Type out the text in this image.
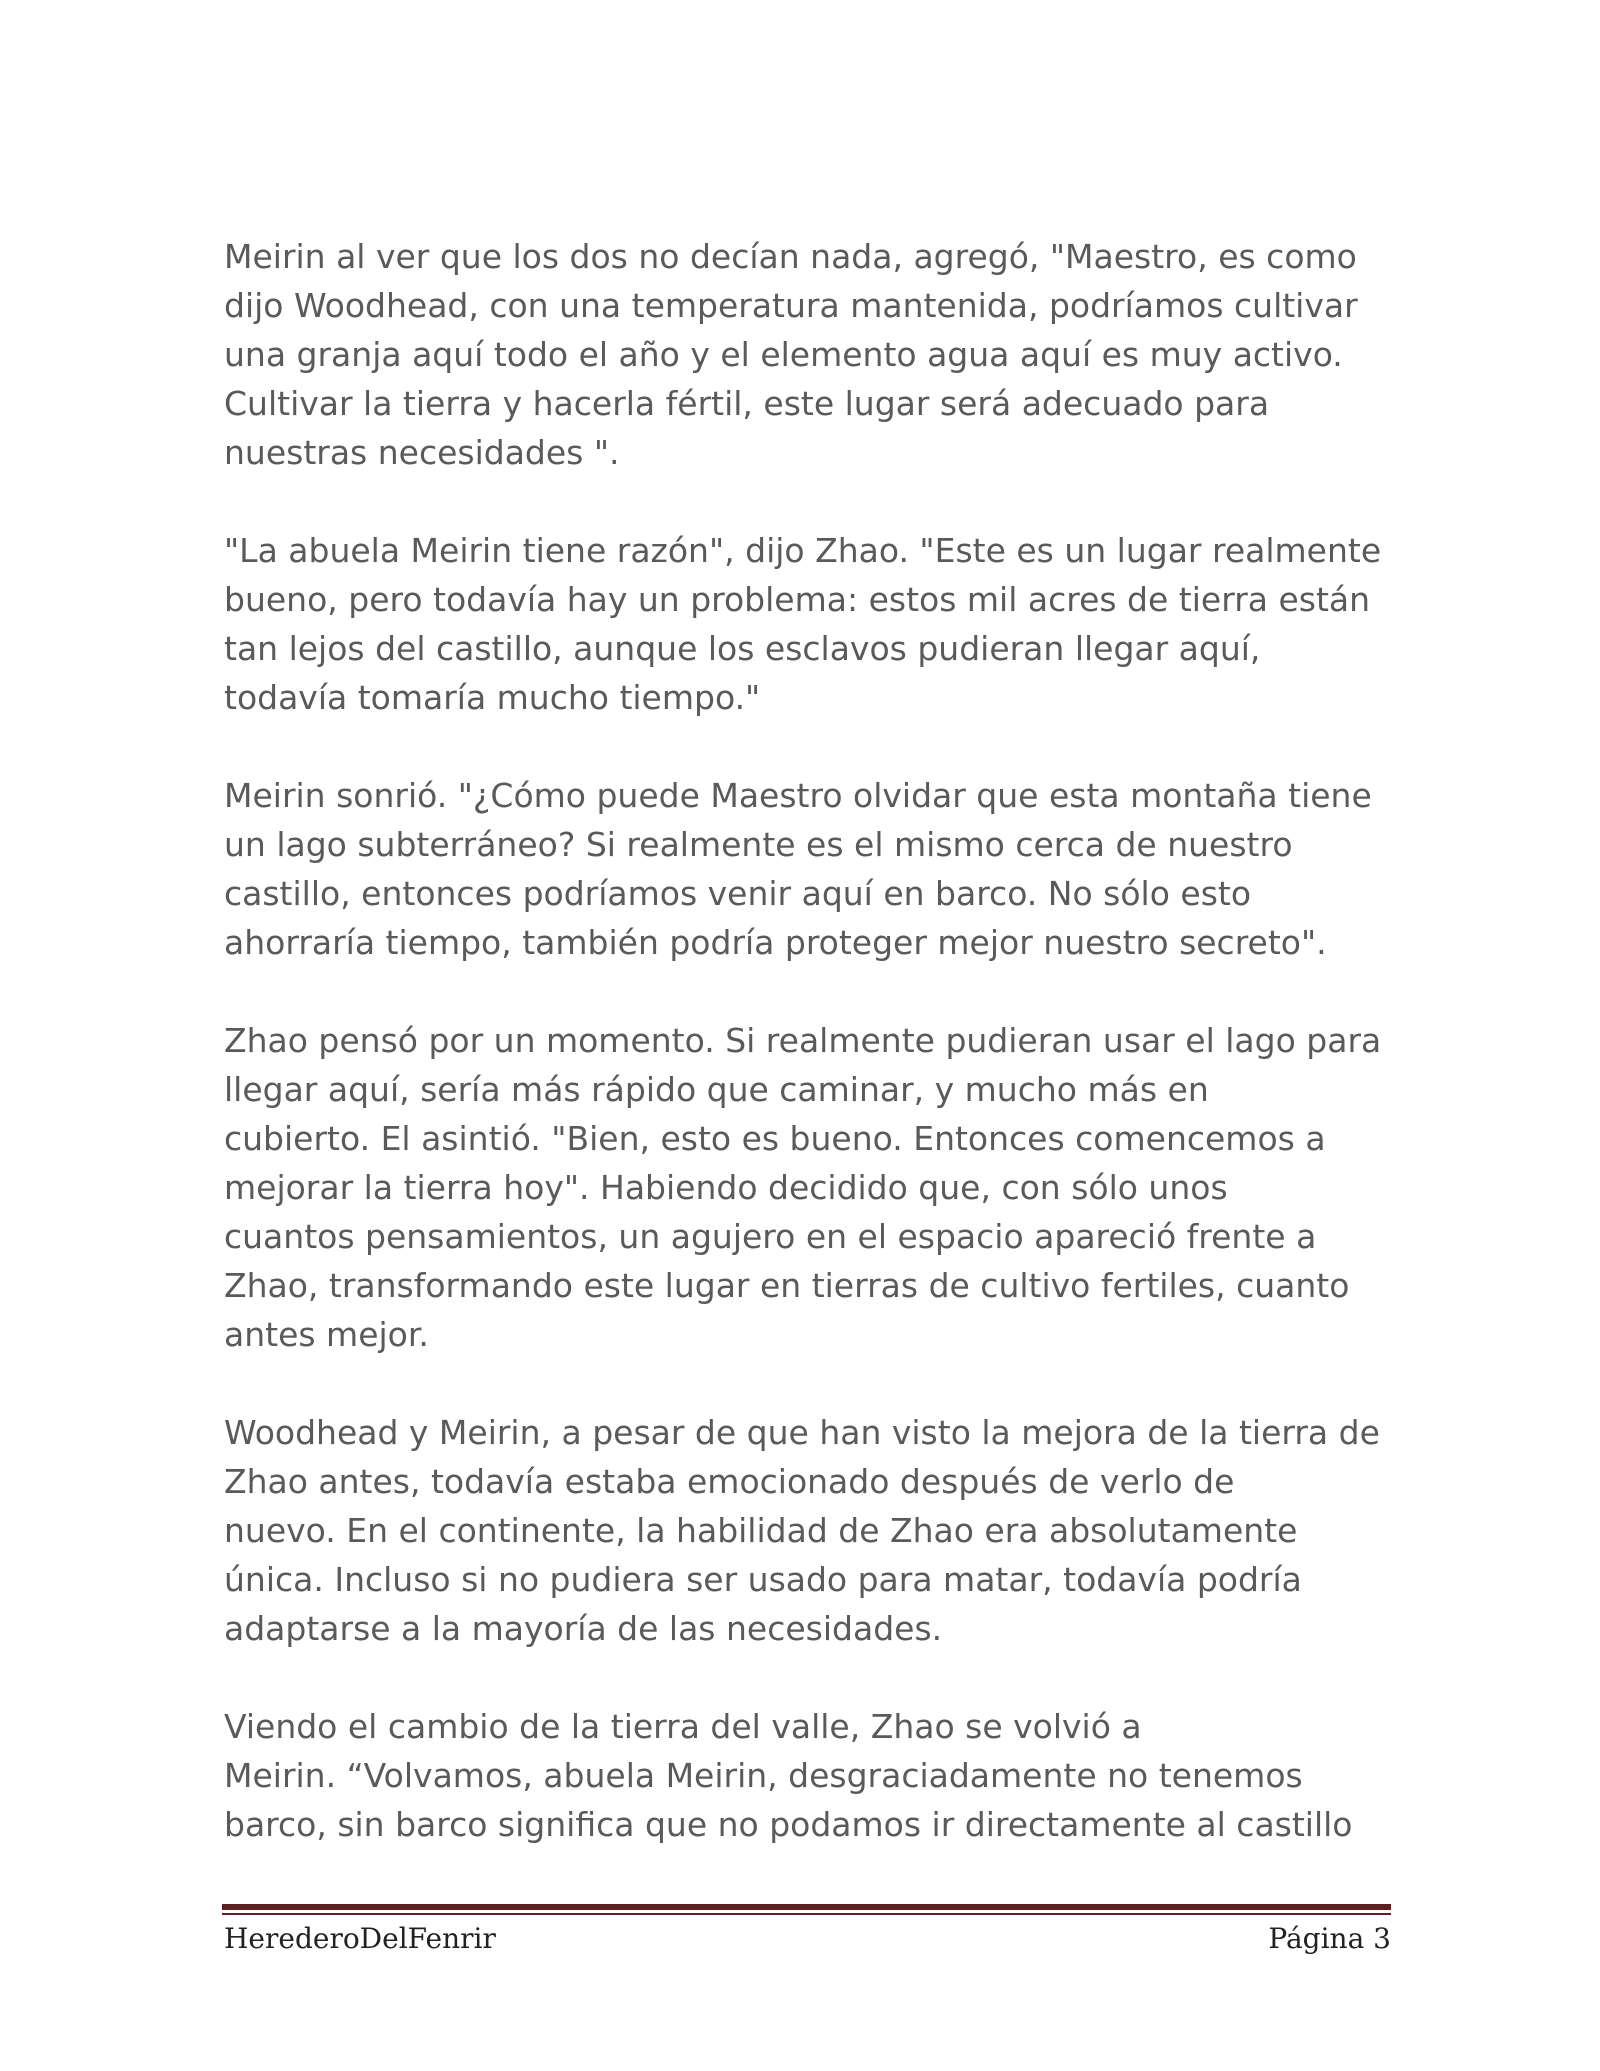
Meirin al ver que los dos no decían nada, agregó, "Maestro, es como
dijo Woodhead, con una temperatura mantenida, podríamos cultivar
una granja aquí todo el año y el elemento agua aquí es muy activo.
Cultivar la tierra y hacerla fértil, este lugar será adecuado para
nuestras necesidades ".

"La abuela Meirin tiene razón", dijo Zhao. "Este es un lugar realmente
bueno, pero todavía hay un problema: estos mil acres de tierra están
tan lejos del castillo, aunque los esclavos pudieran llegar aquí,
todavía tomaría mucho tiempo."

Meirin sonrió. "¿Cómo puede Maestro olvidar que esta montaña tiene
un lago subterráneo? Si realmente es el mismo cerca de nuestro
castillo, entonces podríamos venir aquí en barco. No sólo esto
ahorraría tiempo, también podría proteger mejor nuestro secreto".

Zhao pensó por un momento. Si realmente pudieran usar el lago para
llegar aquí, sería más rápido que caminar, y mucho más en
cubierto. El asintió. "Bien, esto es bueno. Entonces comencemos a
mejorar la tierra hoy". Habiendo decidido que, con sólo unos
cuantos pensamientos, un agujero en el espacio apareció frente a
Zhao, transformando este lugar en tierras de cultivo fertiles, cuanto
antes mejor.

Woodhead y Meirin, a pesar de que han visto la mejora de la tierra de
Zhao antes, todavía estaba emocionado después de verlo de
nuevo. En el continente, la habilidad de Zhao era absolutamente
única. Incluso si no pudiera ser usado para matar, todavía podría
adaptarse a la mayoría de las necesidades.

Viendo el cambio de la tierra del valle, Zhao se volvió a
Meirin. “Volvamos, abuela Meirin, desgraciadamente no tenemos
barco, sin barco significa que no podamos ir directamente al castillo

HerederoDelFenrir	Página 3
